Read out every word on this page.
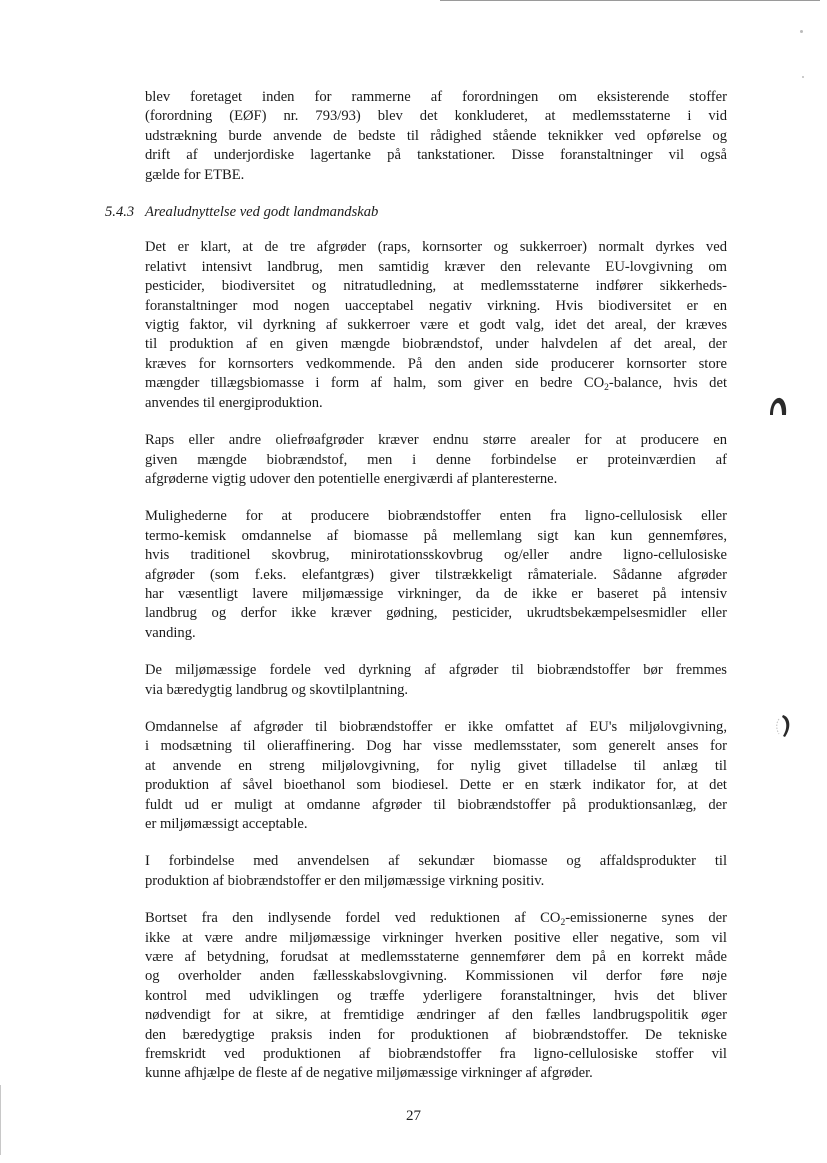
blev foretaget inden for rammerne af forordningen om eksisterende stoffer
(forordning (EØF) nr. 793/93) blev det konkluderet, at medlemsstaterne i vid
udstrækning burde anvende de bedste til rådighed stående teknikker ved opførelse og
drift af underjordiske lagertanke på tankstationer. Disse foranstaltninger vil også
gælde for ETBE.
5.4.3 Arealudnyttelse ved godt landmandskab
Det er klart, at de tre afgrøder (raps, kornsorter og sukkerroer) normalt dyrkes ved
relativt intensivt landbrug, men samtidig kræver den relevante EU-lovgivning om
pesticider, biodiversitet og nitratudledning, at medlemsstaterne indfører sikkerheds-
foranstaltninger mod nogen uacceptabel negativ virkning. Hvis biodiversitet er en
vigtig faktor, vil dyrkning af sukkerroer være et godt valg, idet det areal, der kræves
til produktion af en given mængde biobrændstof, under halvdelen af det areal, der
kræves for kornsorters vedkommende. På den anden side producerer kornsorter store
mængder tillægsbiomasse i form af halm, som giver en bedre $CO_2$-balance, hvis det
anvendes til energiproduktion.
Raps eller andre oliefrøafgrøder kræver endnu større arealer for at producere en
given mængde biobrændstof, men i denne forbindelse er proteinværdien af
afgrøderne vigtig udover den potentielle energiværdi af planteresterne.
Mulighederne for at producere biobrændstoffer enten fra ligno-cellulosisk eller
termo-kemisk omdannelse af biomasse på mellemlang sigt kan kun gennemføres,
hvis traditionel skovbrug, minirotationsskovbrug og/eller andre ligno-cellulosiske
afgrøder (som f.eks. elefantgræs) giver tilstrækkeligt råmateriale. Sådanne afgrøder
har væsentligt lavere miljømæssige virkninger, da de ikke er baseret på intensiv
landbrug og derfor ikke kræver gødning, pesticider, ukrudtsbekæmpelsesmidler eller
vanding.
De miljømæssige fordele ved dyrkning af afgrøder til biobrændstoffer bør fremmes
via bæredygtig landbrug og skovtilplantning.
Omdannelse af afgrøder til biobrændstoffer er ikke omfattet af EU's miljølovgivning,
i modsætning til olieraffinering. Dog har visse medlemsstater, som generelt anses for
at anvende en streng miljølovgivning, for nylig givet tilladelse til anlæg til
produktion af såvel bioethanol som biodiesel. Dette er en stærk indikator for, at det
fuldt ud er muligt at omdanne afgrøder til biobrændstoffer på produktionsanlæg, der
er miljømæssigt acceptable.
I forbindelse med anvendelsen af sekundær biomasse og affaldsprodukter til
produktion af biobrændstoffer er den miljømæssige virkning positiv.
Bortset fra den indlysende fordel ved reduktionen af $CO_2$-emissionerne synes der
ikke at være andre miljømæssige virkninger hverken positive eller negative, som vil
være af betydning, forudsat at medlemsstaterne gennemfører dem på en korrekt måde
og overholder anden fællesskabslovgivning. Kommissionen vil derfor føre nøje
kontrol med udviklingen og træffe yderligere foranstaltninger, hvis det bliver
nødvendigt for at sikre, at fremtidige ændringer af den fælles landbrugspolitik øger
den bæredygtige praksis inden for produktionen af biobrændstoffer. De tekniske
fremskridt ved produktionen af biobrændstoffer fra ligno-cellulosiske stoffer vil
kunne afhjælpe de fleste af de negative miljømæssige virkninger af afgrøder.
27
